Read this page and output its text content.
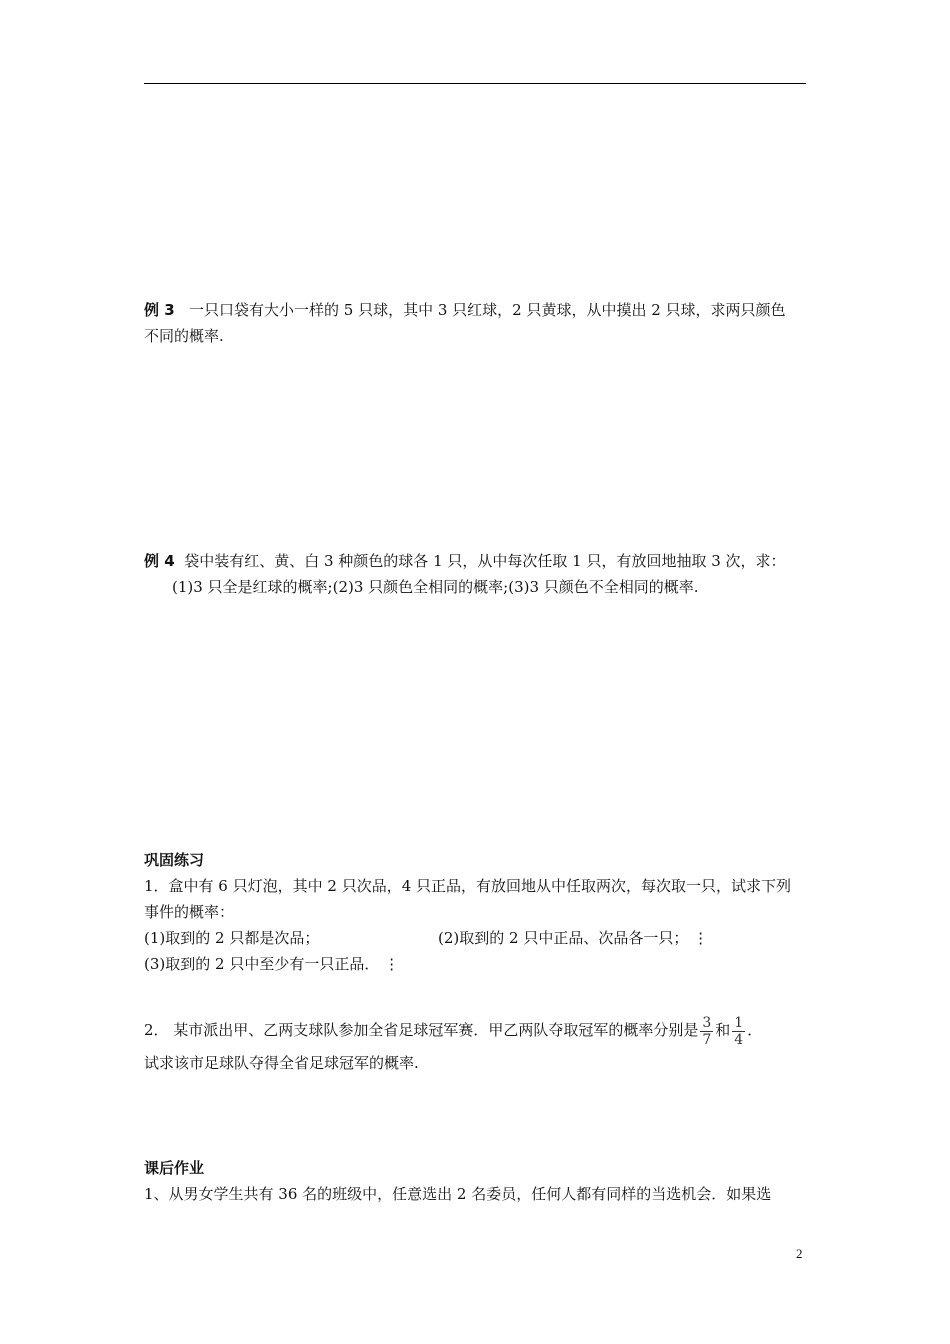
例 3 一只口袋有大小一样的 5 只球，其中 3 只红球，2 只黄球，从中摸出 2 只球，求两只颜色
不同的概率.
例 4 袋中装有红、黄、白 3 种颜色的球各 1 只，从中每次任取 1 只，有放回地抽取 3 次，求：
(1)3 只全是红球的概率;(2)3 只颜色全相同的概率;(3)3 只颜色不全相同的概率.
巩固练习
1．盒中有 6 只灯泡，其中 2 只次品，4 只正品，有放回地从中任取两次，每次取一只，试求下列
事件的概率：
(1)取到的 2 只都是次品；	(2)取到的 2 只中正品、次品各一只； ⋮
(3)取到的 2 只中至少有一只正品． ⋮
2． 某市派出甲、乙两支球队参加全省足球冠军赛．甲乙两队夺取冠军的概率分别是 $\frac{3}{7}$ 和 $\frac{1}{4}$ ．
试求该市足球队夺得全省足球冠军的概率.
课后作业
1、从男女学生共有 36 名的班级中，任意选出 2 名委员，任何人都有同样的当选机会．如果选
2
